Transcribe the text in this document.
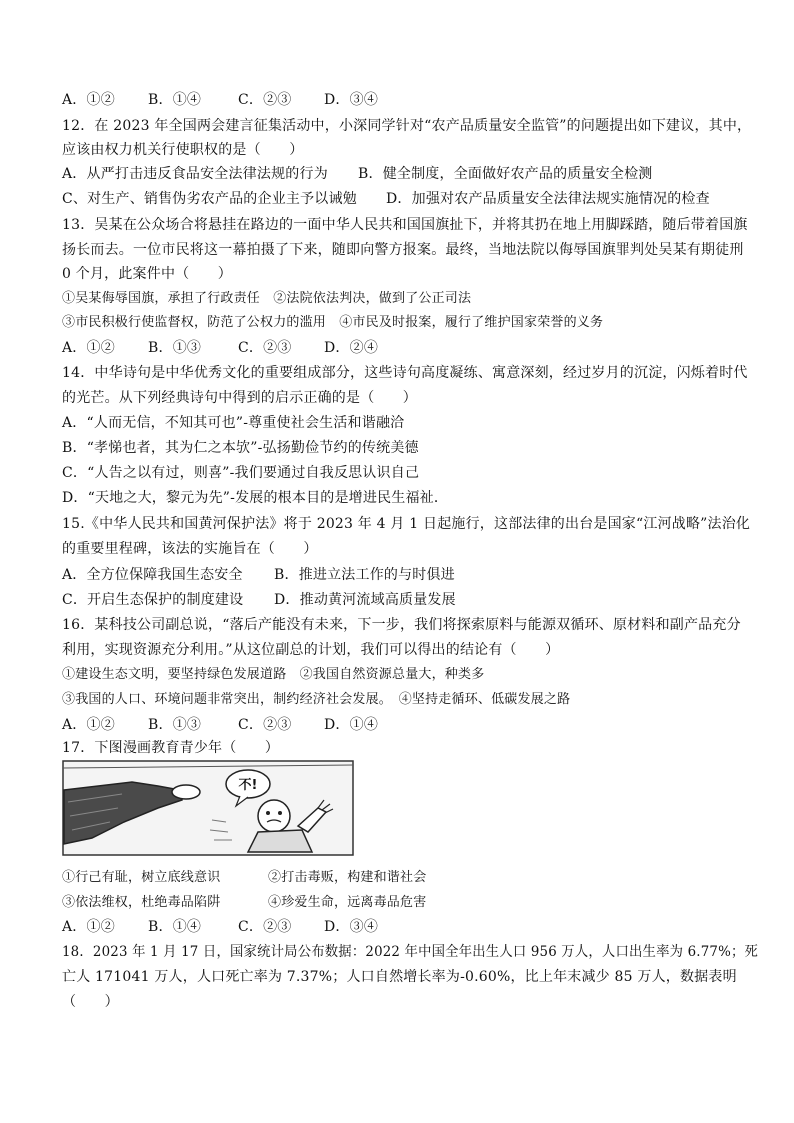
A．①② B．①④	C．②③ D．③④
12．在 2023 年全国两会建言征集活动中，小深同学针对“农产品质量安全监管”的问题提出如下建议，其中，
应该由权力机关行使职权的是（　　）
A．从严打击违反食品安全法律法规的行为 B．健全制度，全面做好农产品的质量安全检测
C、对生产、销售伪劣农产品的企业主予以诫勉 D．加强对农产品质量安全法律法规实施情况的检查
13．吴某在公众场合将悬挂在路边的一面中华人民共和国国旗扯下，并将其扔在地上用脚踩踏，随后带着国旗
扬长而去。一位市民将这一幕拍摄了下来，随即向警方报案。最终，当地法院以侮辱国旗罪判处吴某有期徒刑
0 个月，此案件中（　　）
①吴某侮辱国旗，承担了行政责任　②法院依法判决，做到了公正司法
③市民积极行使监督权，防范了公权力的滥用　④市民及时报案，履行了维护国家荣誉的义务
A．①② B．①③	C．②③ D．②④
14．中华诗句是中华优秀文化的重要组成部分，这些诗句高度凝练、寓意深刻，经过岁月的沉淀，闪烁着时代
的光芒。从下列经典诗句中得到的启示正确的是（　　）
A．“人而无信，不知其可也”-尊重使社会生活和谐融洽
B．“孝悌也者，其为仁之本欤”-弘扬勤俭节约的传统美德
C．“人告之以有过，则喜”-我们要通过自我反思认识自己
D．“天地之大，黎元为先”-发展的根本目的是增进民生福祉．
15.《中华人民共和国黄河保护法》将于 2023 年 4 月 1 日起施行，这部法律的出台是国家“江河战略”法治化
的重要里程碑，该法的实施旨在（　　）
A．全方位保障我国生态安全 B．推进立法工作的与时俱进
C．开启生态保护的制度建设 D．推动黄河流域高质量发展
16．某科技公司副总说，“落后产能没有未来，下一步，我们将探索原料与能源双循环、原材料和副产品充分
利用，实现资源充分利用。”从这位副总的计划，我们可以得出的结论有（　　）
①建设生态文明，要坚持绿色发展道路　②我国自然资源总量大，种类多
③我国的人口、环境问题非常突出，制约经济社会发展。　④坚持走循环、低碳发展之路
A．①② B．①③	C．②③ D．①④
17．下图漫画教育青少年（　　）
不!
①行己有耻，树立底线意识	②打击毒贩，构建和谐社会
③依法维权，杜绝毒品陷阱	④珍爱生命，远离毒品危害
A．①② B．①④	C．②③ D．③④
18．2023 年 1 月 17 日，国家统计局公布数据：2022 年中国全年出生人口 956 万人，人口出生率为 6.77%；死
亡人 171041 万人，人口死亡率为 7.37%；人口自然增长率为-0.60%，比上年末减少 85 万人，数据表明
（　　）
